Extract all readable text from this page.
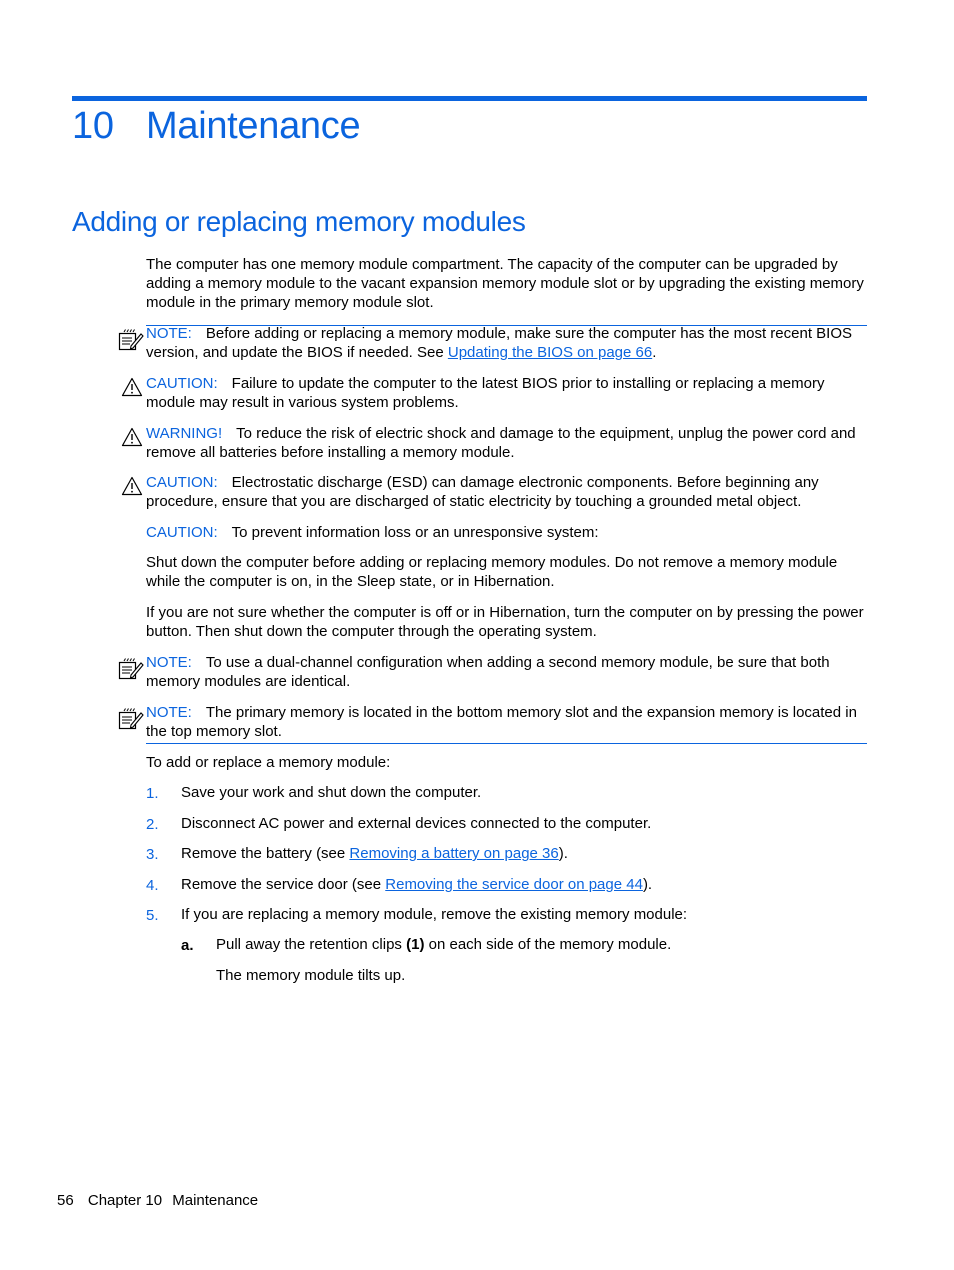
10 Maintenance
Adding or replacing memory modules

The computer has one memory module compartment. The capacity of the computer can be upgraded by adding a memory module to the vacant expansion memory module slot or by upgrading the existing memory module in the primary memory module slot.

NOTE: Before adding or replacing a memory module, make sure the computer has the most recent BIOS version, and update the BIOS if needed. See Updating the BIOS on page 66.

CAUTION: Failure to update the computer to the latest BIOS prior to installing or replacing a memory module may result in various system problems.

WARNING! To reduce the risk of electric shock and damage to the equipment, unplug the power cord and remove all batteries before installing a memory module.

CAUTION: Electrostatic discharge (ESD) can damage electronic components. Before beginning any procedure, ensure that you are discharged of static electricity by touching a grounded metal object.

CAUTION: To prevent information loss or an unresponsive system:

Shut down the computer before adding or replacing memory modules. Do not remove a memory module while the computer is on, in the Sleep state, or in Hibernation.

If you are not sure whether the computer is off or in Hibernation, turn the computer on by pressing the power button. Then shut down the computer through the operating system.

NOTE: To use a dual-channel configuration when adding a second memory module, be sure that both memory modules are identical.

NOTE: The primary memory is located in the bottom memory slot and the expansion memory is located in the top memory slot.

To add or replace a memory module:

1. Save your work and shut down the computer.

2. Disconnect AC power and external devices connected to the computer.

3. Remove the battery (see Removing a battery on page 36).

4. Remove the service door (see Removing the service door on page 44).

5. If you are replacing a memory module, remove the existing memory module:

a. Pull away the retention clips (1) on each side of the memory module.

The memory module tilts up.

56 Chapter 10 Maintenance
